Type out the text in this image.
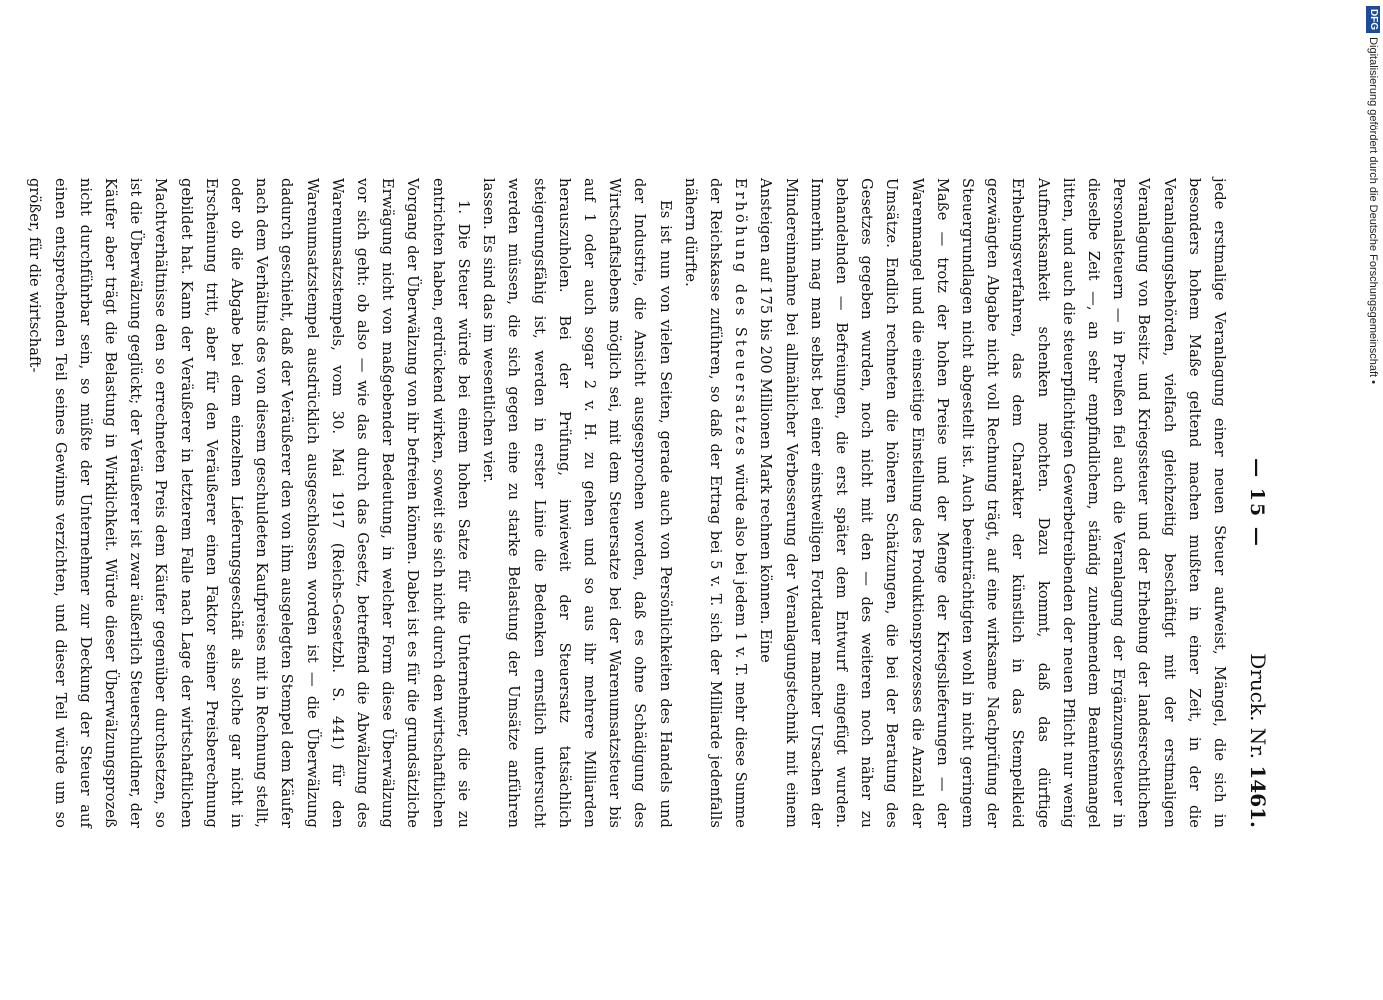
— 15 —
Druck. Nr. 1461.

jede erstmalige Veranlagung einer neuen Steuer aufweist, Mängel, die sich in besonders hohem Maße geltend machen mußten in einer Zeit, in der die Veranlagungsbehörden, vielfach gleichzeitig beschäftigt mit der erstmaligen Veranlagung von Besitz- und Kriegssteuer und der Erhebung der landesrechtlichen Personalsteuern — in Preußen fiel auch die Veranlagung der Ergänzungssteuer in dieselbe Zeit —, an sehr empfindlichem, ständig zunehmendem Beamtenmangel litten, und auch die steuerpflichtigen Gewerbetreibenden der neuen Pflicht nur wenig Aufmerksamkeit schenken mochten. Dazu kommt, daß das dürftige Erhebungsverfahren, das dem Charakter der künstlich in das Stempelkleid gezwängten Abgabe nicht voll Rechnung trägt, auf eine wirksame Nachprüfung der Steuergrundlagen nicht abgestellt ist. Auch beeinträchtigten wohl in nicht geringem Maße — trotz der hohen Preise und der Menge der Kriegslieferungen — der Warenmangel und die einseitige Einstellung des Produktionsprozesses die Anzahl der Umsätze. Endlich rechneten die höheren Schätzungen, die bei der Beratung des Gesetzes gegeben wurden, noch nicht mit den — des weiteren noch näher zu behandelnden — Befreiungen, die erst später dem Entwurf eingefügt wurden. Immerhin mag man selbst bei einer einstweiligen Fortdauer mancher Ursachen der Mindereinnahme bei allmählicher Verbesserung der Veranlagungstechnik mit einem Ansteigen auf 175 bis 200 Millionen Mark rechnen können. Eine

Erhöhung des Steuersatzes würde also bei jedem 1 v. T. mehr diese Summe der Reichskasse zuführen, so daß der Ertrag bei 5 v. T. sich der Milliarde jedenfalls nähern dürfte.

Es ist nun von vielen Seiten, gerade auch von Persönlichkeiten des Handels und der Industrie, die Ansicht ausgesprochen worden, daß es ohne Schädigung des Wirtschaftslebens möglich sei, mit dem Steuersatze bei der Warenumsatzsteuer bis auf 1 oder auch sogar 2 v. H. zu gehen und so aus ihr mehrere Milliarden herauszuholen. Bei der Prüfung, inwieweit der Steuersatz tatsächlich steigerungsfähig ist, werden in erster Linie die Bedenken ernstlich untersucht werden müssen, die sich gegen eine zu starke Belastung der Umsätze anführen lassen. Es sind das im wesentlichen vier.

1. Die Steuer würde bei einem hohen Satze für die Unternehmer, die sie zu entrichten haben, erdrückend wirken, soweit sie sich nicht durch den wirtschaftlichen Vorgang der Überwälzung von ihr befreien können. Dabei ist es für die grundsätzliche Erwägung nicht von maßgebender Bedeutung, in welcher Form diese Überwälzung vor sich geht: ob also — wie das durch das Gesetz, betreffend die Abwälzung des Warenumsatzstempels, vom 30. Mai 1917 (Reichs-Gesetzbl. S. 441) für den Warenumsatzstempel ausdrücklich ausgeschlossen worden ist — die Überwälzung dadurch geschieht, daß der Veräußerer den von ihm ausgelegten Stempel dem Käufer nach dem Verhältnis des von diesem geschuldeten Kaufpreises mit in Rechnung stellt, oder ob die Abgabe bei dem einzelnen Lieferungsgeschäft als solche gar nicht in Erscheinung tritt, aber für den Veräußerer einen Faktor seiner Preisberechnung gebildet hat. Kann der Veräußerer in letzterem Falle nach Lage der wirtschaftlichen Machtverhältnisse den so errechneten Preis dem Käufer gegenüber durchsetzen, so ist die Überwälzung geglückt; der Veräußerer ist zwar äußerlich Steuerschuldner, der Käufer aber trägt die Belastung in Wirklichkeit. Würde dieser Überwälzungsprozeß nicht durchführbar sein, so müßte der Unternehmer zur Deckung der Steuer auf einen entsprechenden Teil seines Gewinns verzichten, und dieser Teil würde um so größer, für die wirtschaft-

DFG
Digitalisierung gefördert durch die Deutsche Forschungsgemeinschaft •
